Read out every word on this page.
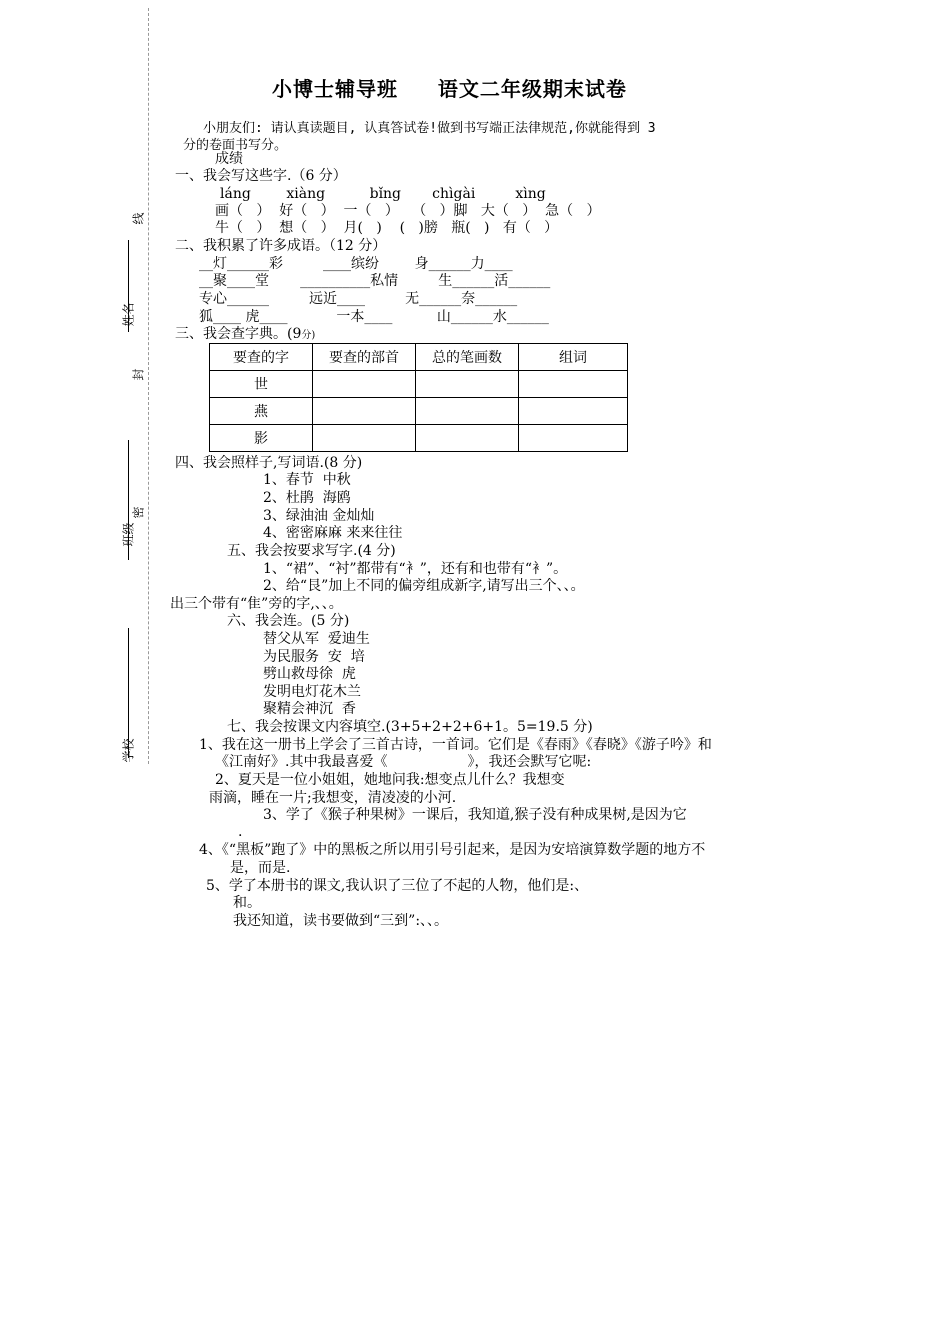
线
姓名
封
班级
密
学校
小博士辅导班     语文二年级期末试卷
小朋友们: 请认真读题目, 认真答试卷!做到书写端正法律规范,你就能得到 3
分的卷面书写分。
成绩
一、我会写这些字.（6 分）
láng        xiàng          bǐng       chìgài         xìng
画（   ）  好（   ）  一（   ）   （   ）脚   大（   ）  急（   ）
牛（   ）  想（   ）  月(   )    (   )膀   瓶(   )   有（   ）
二、我积累了许多成语。（12 分）
__灯______彩         ____缤纷        身______力____
__聚____堂       __________私情         生______活______
专心______         远近____         无______奈______
狐____ 虎____           一本____          山______水______
三、我会查字典。(9分)
要查的字	要查的部首	总的笔画数	组词
世			
燕			
影			
四、我会照样子,写词语.(8 分)
1、春节  中秋
2、杜鹃  海鸥
3、绿油油 金灿灿
4、密密麻麻 来来往往
五、我会按要求写字.(4 分)
1、“裙”、“衬”都带有“衤”，还有和也带有“衤”。
2、给“艮”加上不同的偏旁组成新字,请写出三个、、。
出三个带有“隹”旁的字,、、。
六、我会连。(5 分)
替父从军  爱迪生
为民服务  安  培
劈山救母徐  虎
发明电灯花木兰
聚精会神沉  香
七、我会按课文内容填空.(3+5+2+2+6+1。5=19.5 分)
1、我在这一册书上学会了三首古诗，一首词。它们是《春雨》《春晓》《游子吟》和
《江南好》.其中我最喜爱《                  》，我还会默写它呢:
2、夏天是一位小姐姐，她地问我:想变点儿什么？我想变
雨滴，睡在一片;我想变，清凌凌的小河.
3、学了《猴子种果树》一课后，我知道,猴子没有种成果树,是因为它
.
4、《“黑板”跑了》中的黑板之所以用引号引起来，是因为安培演算数学题的地方不
是，而是.
5、学了本册书的课文,我认识了三位了不起的人物，他们是:、
和。
我还知道，读书要做到“三到”:、、。
